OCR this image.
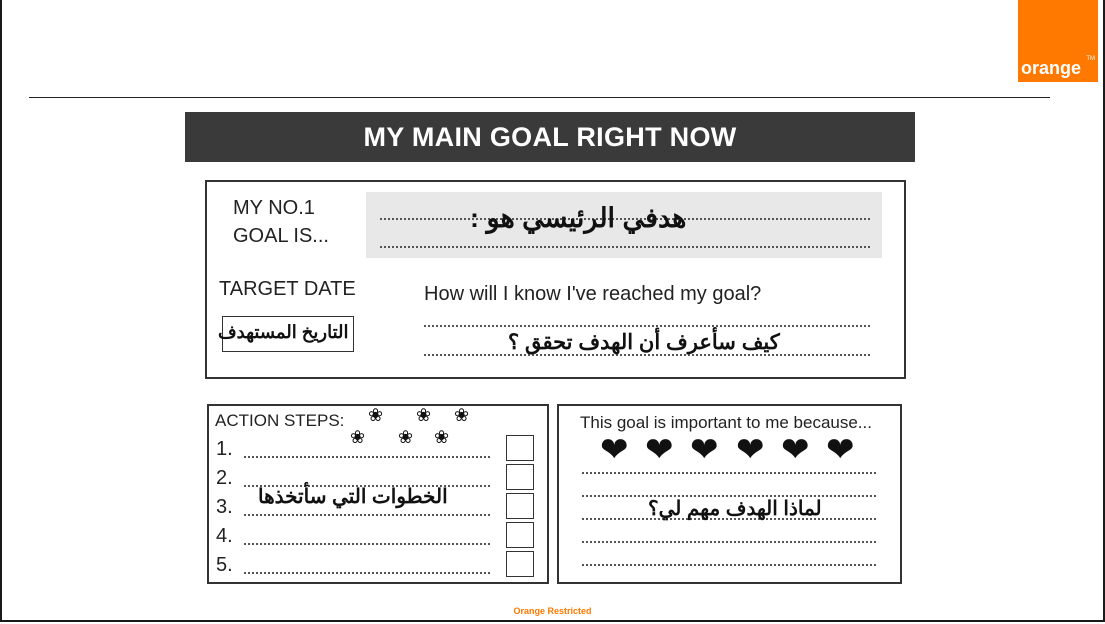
orange TM
MY MAIN GOAL RIGHT NOW
MY NO.1
GOAL IS...
هدفي الرئيسي هو :
TARGET DATE
التاريخ المستهدف
How will I know I've reached my goal?
كيف سأعرف أن الهدف تحقق ؟
ACTION STEPS: ❀ ❀ ❀
❀ ❀ ❀
1.
2.
3.
4.
5.
الخطوات التي سأتخذها
This goal is important to me because...
❤ ❤ ❤ ❤ ❤ ❤
لماذا الهدف مهم لي؟
Orange Restricted
